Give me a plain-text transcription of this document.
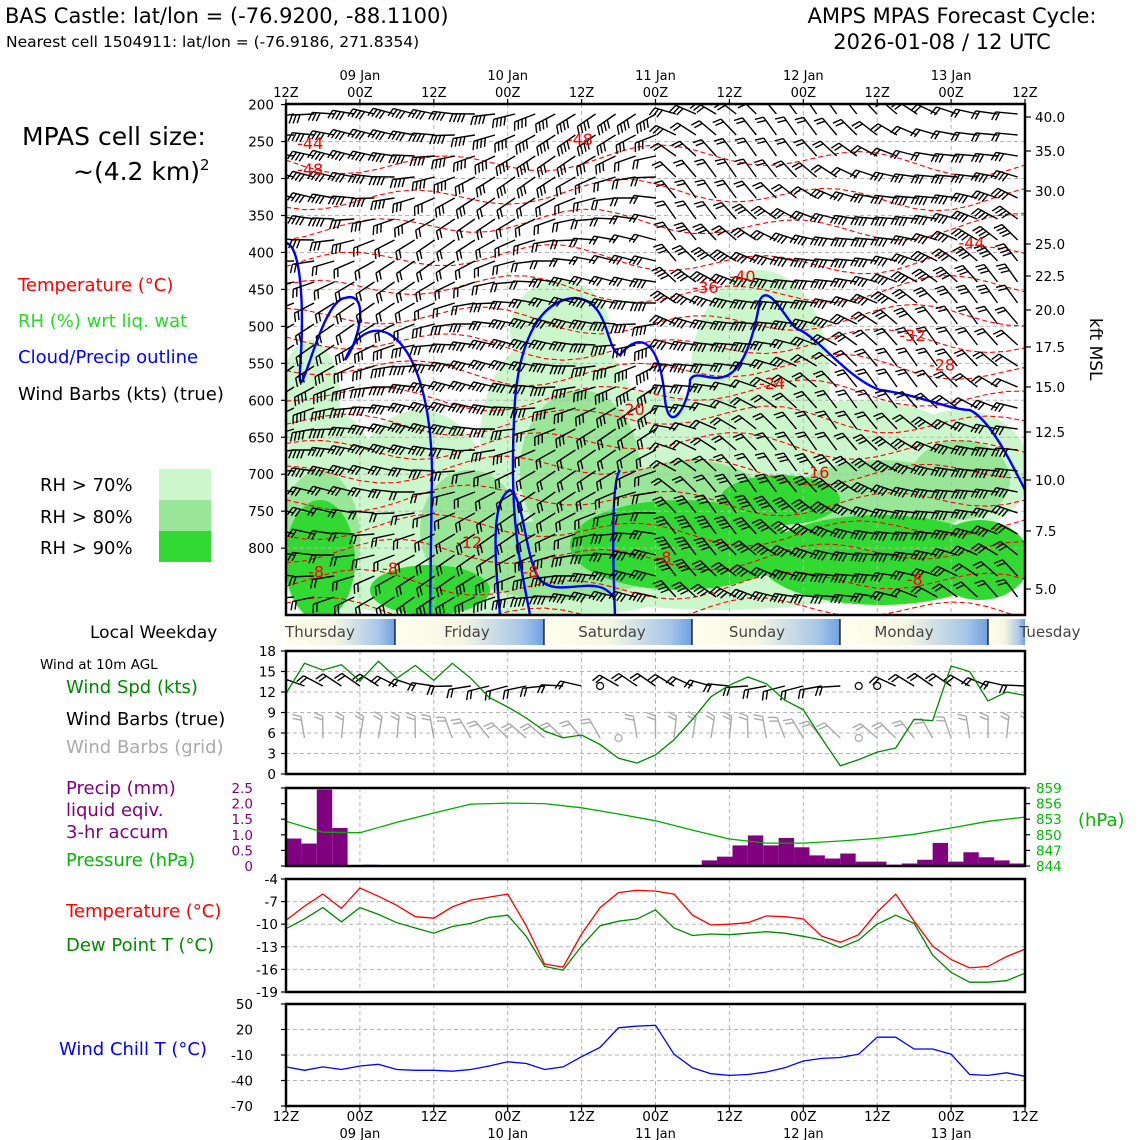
BAS Castle: lat/lon = (-76.9200, -88.1100)
Nearest cell 1504911: lat/lon = (-76.9186, 271.8354)
AMPS MPAS Forecast Cycle:
2026-01-08 / 12 UTC
MPAS cell size:
~(4.2 km)$^2$
Temperature (°C)
RH (%) wrt liq. wat
Cloud/Precip outline
Wind Barbs (kts) (true)
RH > 70%
RH > 80%
RH > 90%
Local Weekday
Wind at 10m AGL
Wind Spd (kts)
Wind Barbs (true)
Wind Barbs (grid)
Precip (mm)
liquid eqiv.
3-hr accum
Pressure (hPa)
Temperature (°C)
Dew Point T (°C)
Wind Chill T (°C)
(hPa)
kft MSL
-44
-48
-48
-44
-40
-36
-32
-28
-24
-20
-16
-12
-8
-8	-8	-8	-8
12Z	00Z	12Z	00Z	12Z	00Z	12Z	00Z	12Z	00Z	12Z
09 Jan	10 Jan	11 Jan	12 Jan	13 Jan
200
250
300
350
400
450
500
550
600
650
700
750
800
40.0
35.0
30.0
25.0
22.5
20.0
17.5
15.0
12.5
10.0
7.5
5.0
Thursday	Friday	Saturday	Sunday	Monday	Tuesday
0
3
6
9
12
15
18
0
0.5
1.0
1.5
2.0
2.5
844
847
850
853
856
859
-4
-7
-10
-13
-16
-19
50
20
-10
-40
-70
12Z	00Z	12Z	00Z	12Z	00Z	12Z	00Z	12Z	00Z	12Z
09 Jan	10 Jan	11 Jan	12 Jan	13 Jan
